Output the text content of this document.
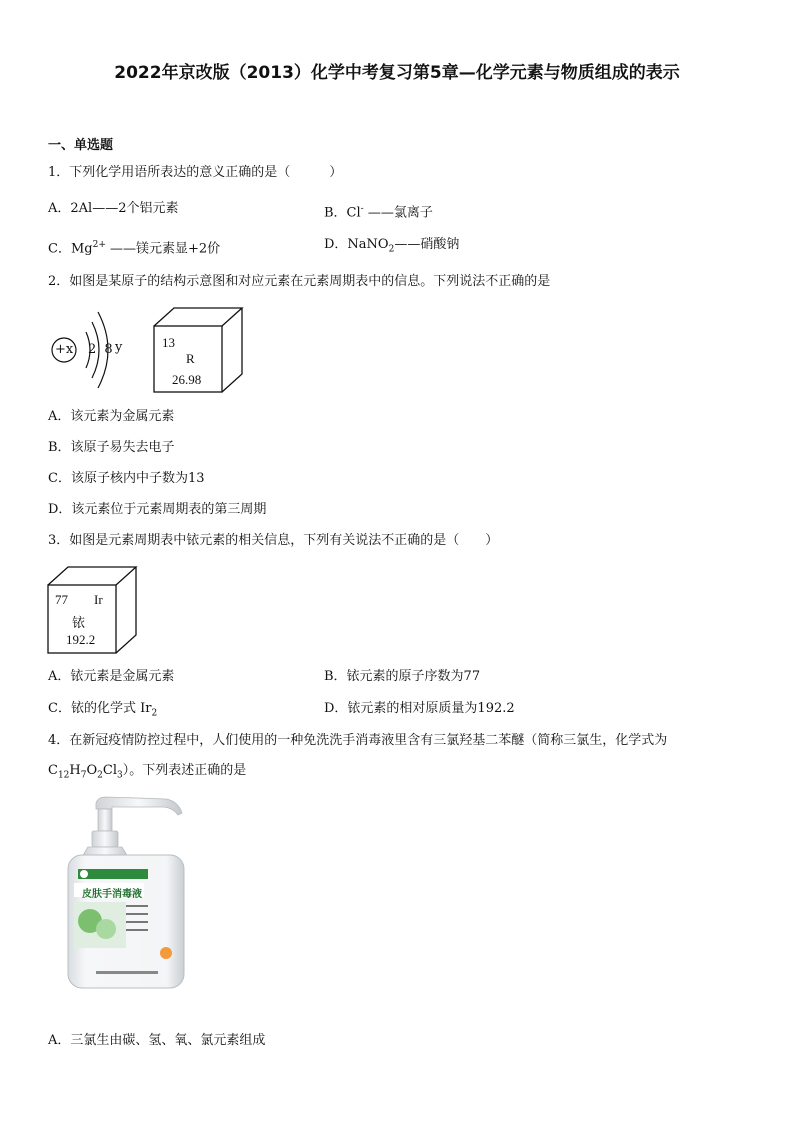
2022年京改版（2013）化学中考复习第5章—化学元素与物质组成的表示
一、单选题
1．下列化学用语所表达的意义正确的是（　　　）
A．2Al——2个铝元素	B．Cl- ——氯离子
C．$Mg^{2+}$ ——镁元素显+2价	D．NaNO$_2$——硝酸钠
2．如图是某原子的结构示意图和对应元素在元素周期表中的信息。下列说法不正确的是
+x 2 8 y	13
R
26.98
A．该元素为金属元素
B．该原子易失去电子
C．该原子核内中子数为13
D．该元素位于元素周期表的第三周期
3．如图是元素周期表中铱元素的相关信息，下列有关说法不正确的是（　　）
77 Ir
铱
192.2
A．铱元素是金属元素	B．铱元素的原子序数为77
C．铱的化学式 $Ir_2$	D．铱元素的相对原质量为192.2
4．在新冠疫情防控过程中，人们使用的一种免洗洗手消毒液里含有三氯羟基二苯醚（简称三氯生，化学式为
$C_{12}H_7O_2Cl_3$）。下列表述正确的是
皮肤手消毒液
A．三氯生由碳、氢、氧、氯元素组成
